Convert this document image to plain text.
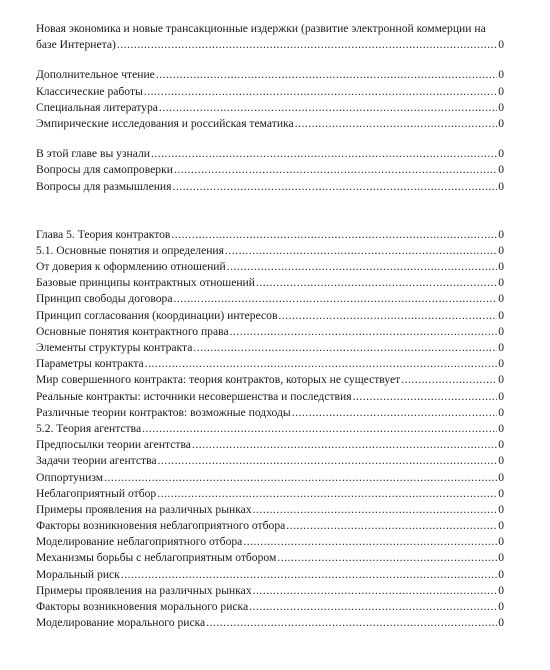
Новая экономика и новые трансакционные издержки (развитие электронной коммерции на
базе Интернета) .....	0
Дополнительное чтение .....	0
Классические работы .....	0
Специальная литература .....	0
Эмпирические исследования и российская тематика .....	0
В этой главе вы узнали .....	0
Вопросы для самопроверки .....	0
Вопросы для размышления .....	0
Глава 5. Теория контрактов .....	0
5.1. Основные понятия и определения .....	0
От доверия к оформлению отношений .....	0
Базовые принципы контрактных отношений .....	0
Принцип свободы договора .....	0
Принцип согласования (координации) интересов .....	0
Основные понятия контрактного права .....	0
Элементы структуры контракта .....	0
Параметры контракта .....	0
Мир совершенного контракта: теория контрактов, которых не существует .....	0
Реальные контракты: источники несовершенства и последствия .....	0
Различные теории контрактов: возможные подходы .....	0
5.2. Теория агентства .....	0
Предпосылки теории агентства .....	0
Задачи теории агентства .....	0
Оппортунизм .....	0
Неблагоприятный отбор .....	0
Примеры проявления на различных рынках .....	0
Факторы возникновения неблагоприятного отбора .....	0
Моделирование неблагоприятного отбора .....	0
Механизмы борьбы с неблагоприятным отбором .....	0
Моральный риск .....	0
Примеры проявления на различных рынках .....	0
Факторы возникновения морального риска .....	0
Моделирование морального риска .....	0
